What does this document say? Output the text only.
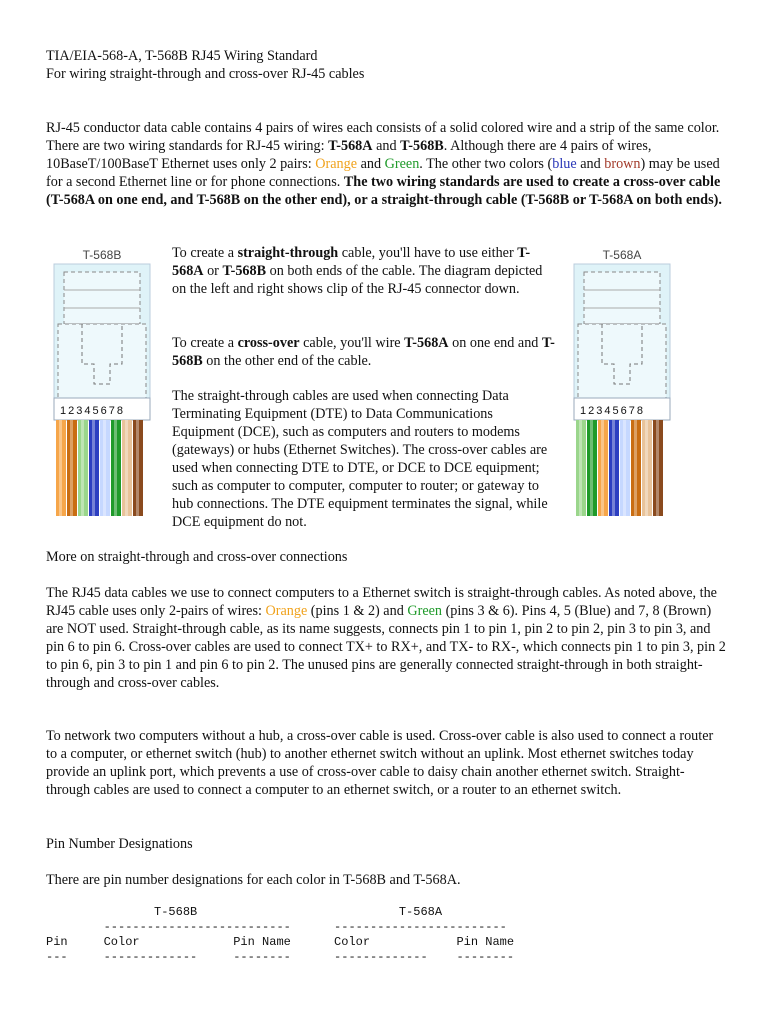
TIA/EIA-568-A, T-568B RJ45 Wiring Standard

For wiring straight-through and cross-over RJ-45 cables

RJ-45 conductor data cable contains 4 pairs of wires each consists of a solid colored wire and a strip of the same color. There are two wiring standards for RJ-45 wiring: T-568A and T-568B. Although there are 4 pairs of wires, 10BaseT/100BaseT Ethernet uses only 2 pairs: Orange and Green. The other two colors (blue and brown) may be used for a second Ethernet line or for phone connections. The two wiring standards are used to create a cross-over cable (T-568A on one end, and T-568B on the other end), or a straight-through cable (T-568B or T-568A on both ends).

T-568B
12345678
T-568A
12345678

To create a straight-through cable, you'll have to use either T-568A or T-568B on both ends of the cable. The diagram depicted on the left and right shows clip of the RJ-45 connector down.

To create a cross-over cable, you'll wire T-568A on one end and T-568B on the other end of the cable.

The straight-through cables are used when connecting Data Terminating Equipment (DTE) to Data Communications Equipment (DCE), such as computers and routers to modems (gateways) or hubs (Ethernet Switches). The cross-over cables are used when connecting DTE to DTE, or DCE to DCE equipment; such as computer to computer, computer to router; or gateway to hub connections. The DTE equipment terminates the signal, while DCE equipment do not.

More on straight-through and cross-over connections

The RJ45 data cables we use to connect computers to a Ethernet switch is straight-through cables. As noted above, the RJ45 cable uses only 2-pairs of wires: Orange (pins 1 & 2) and Green (pins 3 & 6). Pins 4, 5 (Blue) and 7, 8 (Brown) are NOT used. Straight-through cable, as its name suggests, connects pin 1 to pin 1, pin 2 to pin 2, pin 3 to pin 3, and pin 6 to pin 6. Cross-over cables are used to connect TX+ to RX+, and TX- to RX-, which connects pin 1 to pin 3, pin 2 to pin 6, pin 3 to pin 1 and pin 6 to pin 2. The unused pins are generally connected straight-through in both straight-through and cross-over cables.

To network two computers without a hub, a cross-over cable is used. Cross-over cable is also used to connect a router to a computer, or ethernet switch (hub) to another ethernet switch without an uplink. Most ethernet switches today provide an uplink port, which prevents a use of cross-over cable to daisy chain another ethernet switch. Straight-through cables are used to connect a computer to an ethernet switch, or a router to an ethernet switch.

Pin Number Designations

There are pin number designations for each color in T-568B and T-568A.

T-568B                            T-568A

--------------------------      ------------------------

Pin     Color             Pin Name      Color            Pin Name

---     -------------     --------      -------------    --------
